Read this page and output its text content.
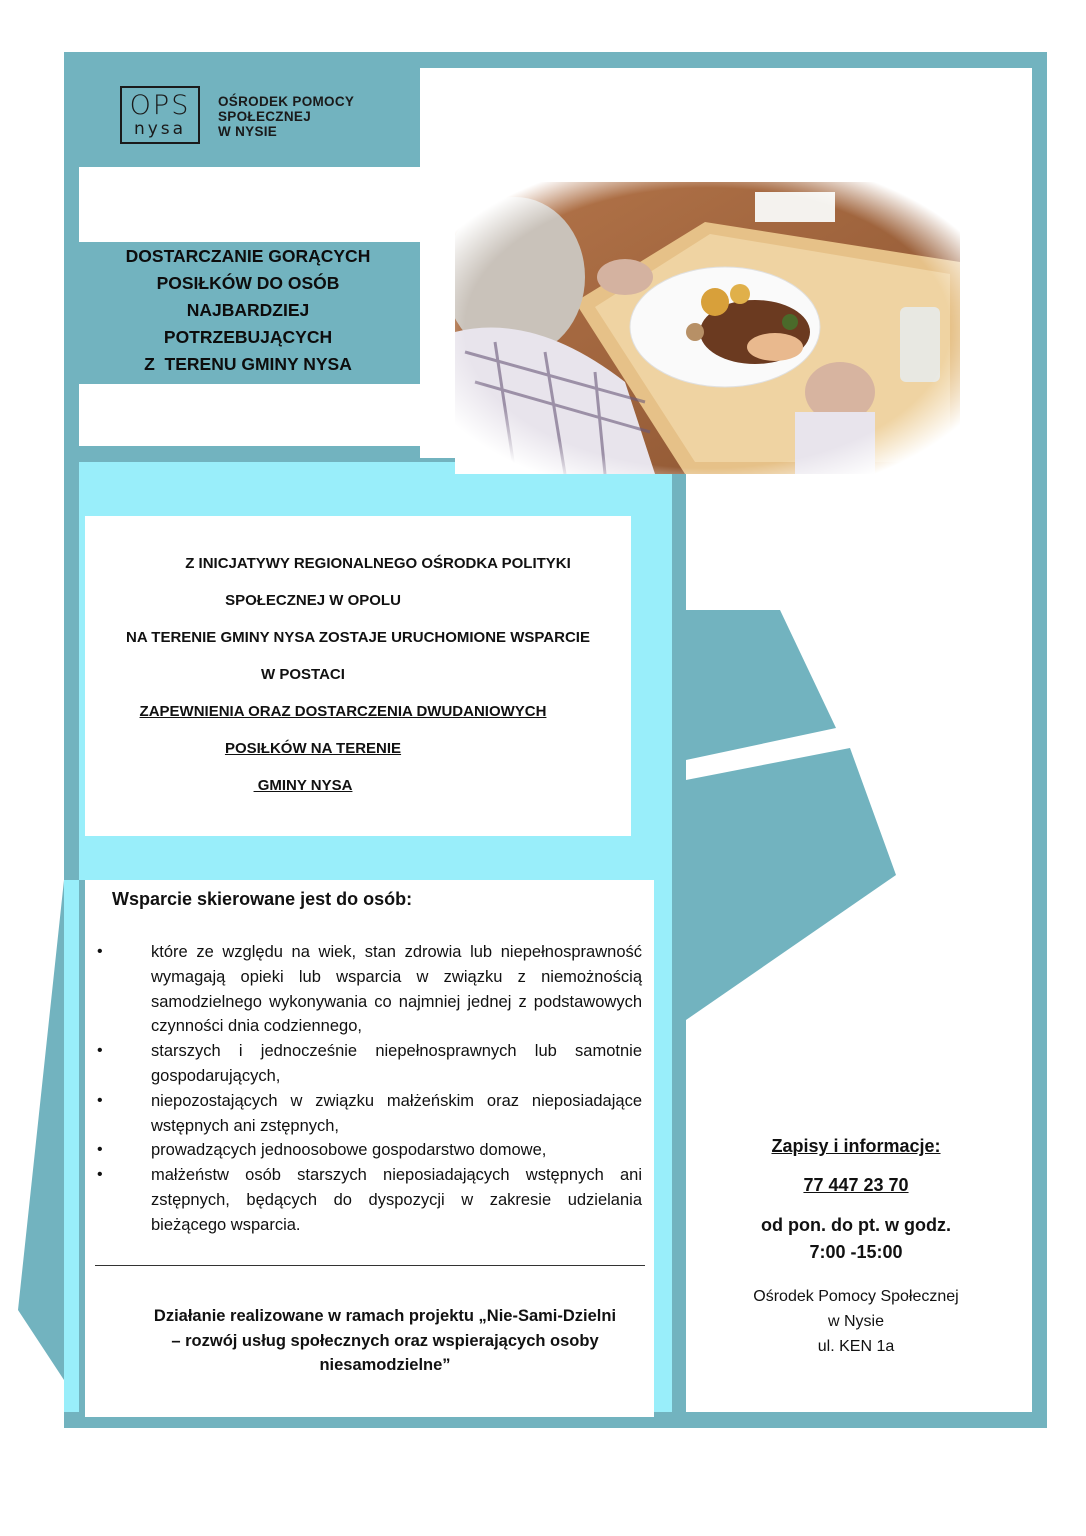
OPS
nysa
OŚRODEK POMOCY
SPOŁECZNEJ
W NYSIE
DOSTARCZANIE GORĄCYCH
POSIŁKÓW DO OSÓB
NAJBARDZIEJ
POTRZEBUJĄCYCH
Z  TERENU GMINY NYSA
Z INICJATYWY REGIONALNEGO OŚRODKA POLITYKI
SPOŁECZNEJ W OPOLU
NA TERENIE GMINY NYSA ZOSTAJE URUCHOMIONE WSPARCIE
W POSTACI
ZAPEWNIENIA ORAZ DOSTARCZENIA DWUDANIOWYCH
POSIŁKÓW NA TERENIE
GMINY NYSA
Wsparcie skierowane jest do osób:
•	które ze względu na wiek, stan zdrowia lub niepełnosprawność wymagają opieki lub wsparcia w związku z niemożnością samodzielnego wykonywania co najmniej jednej z podstawowych czynności dnia codziennego,
•	starszych i jednocześnie niepełnosprawnych lub samotnie gospodarujących,
•	niepozostających w związku małżeńskim oraz nieposiadające wstępnych ani zstępnych,
•	prowadzących jednoosobowe gospodarstwo domowe,
•	małżeństw osób starszych nieposiadających wstępnych ani zstępnych, będących do dyspozycji w zakresie udzielania bieżącego wsparcia.
Działanie realizowane w ramach projektu „Nie-Sami-Dzielni
– rozwój usług społecznych oraz wspierających osoby
niesamodzielne”
Zapisy i informacje:
77 447 23 70
od pon. do pt. w godz.
7:00 -15:00
Ośrodek Pomocy Społecznej
w Nysie
ul. KEN 1a
